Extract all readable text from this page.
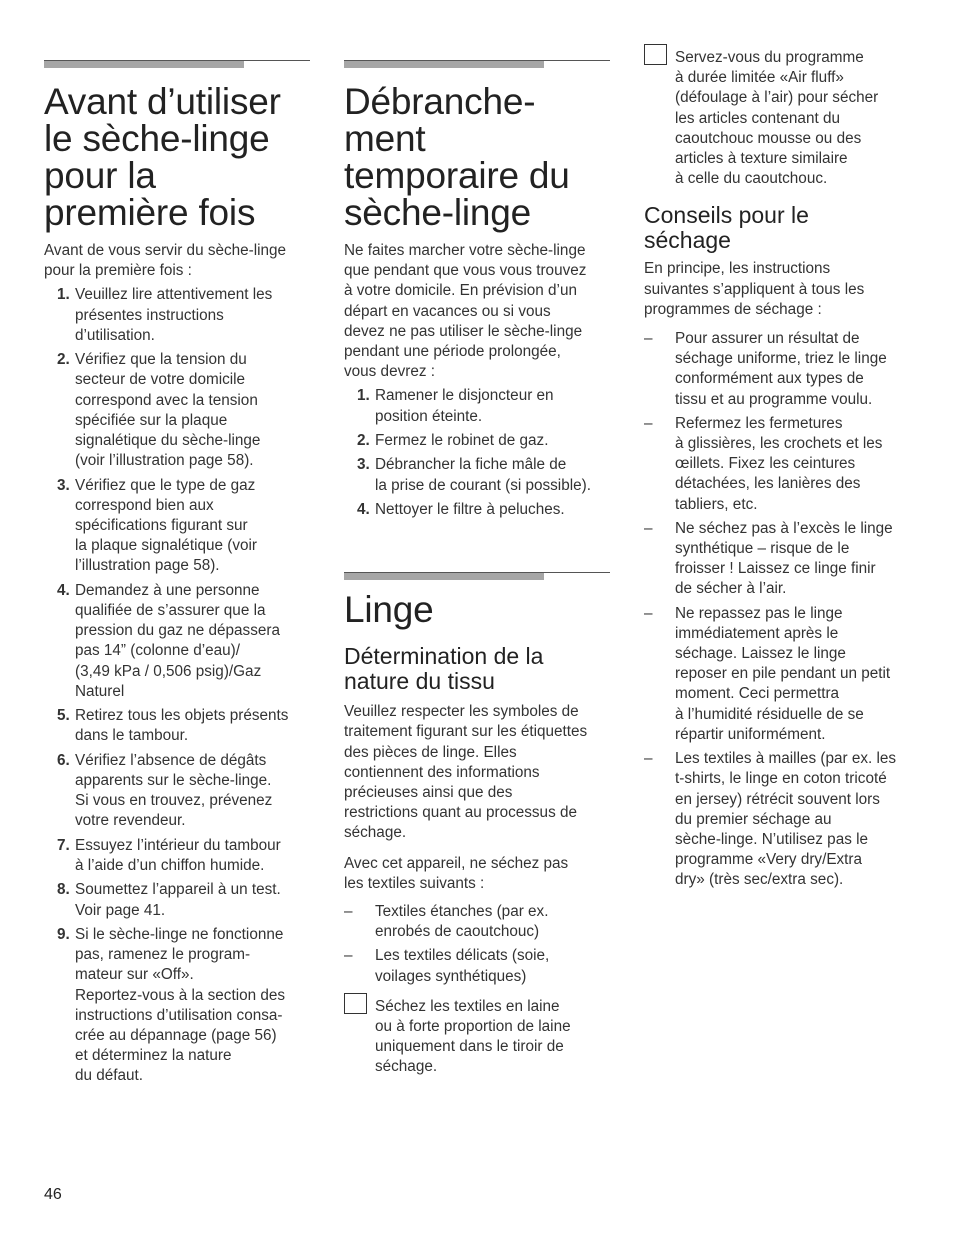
Avant d’utiliser
le sèche-linge
pour la
première fois

Avant de vous servir du sèche-linge
pour la première fois :

1. Veuillez lire attentivement les
présentes instructions
d’utilisation.
2. Vérifiez que la tension du
secteur de votre domicile
correspond avec la tension
spécifiée sur la plaque
signalétique du sèche-linge
(voir l’illustration page 58).
3. Vérifiez que le type de gaz
correspond bien aux
spécifications figurant sur
la plaque signalétique (voir
l’illustration page 58).
4. Demandez à une personne
qualifiée de s’assurer que la
pression du gaz ne dépassera
pas 14” (colonne d’eau)/
(3,49 kPa / 0,506 psig)/Gaz
Naturel
5. Retirez tous les objets présents
dans le tambour.
6. Vérifiez l’absence de dégâts
apparents sur le sèche-linge.
Si vous en trouvez, prévenez
votre revendeur.
7. Essuyez l’intérieur du tambour
à l’aide d’un chiffon humide.
8. Soumettez l’appareil à un test.
Voir page 41.
9. Si le sèche-linge ne fonctionne
pas, ramenez le program-
mateur sur «Off».
Reportez-vous à la section des
instructions d’utilisation consa-
crée au dépannage (page 56)
et déterminez la nature
du défaut.
Débranche-
ment
temporaire du
sèche-linge

Ne faites marcher votre sèche-linge
que pendant que vous vous trouvez
à votre domicile. En prévision d’un
départ en vacances ou si vous
devez ne pas utiliser le sèche-linge
pendant une période prolongée,
vous devrez :

1. Ramener le disjoncteur en
position éteinte.
2. Fermez le robinet de gaz.
3. Débrancher la fiche mâle de
la prise de courant (si possible).
4. Nettoyer le filtre à peluches.
Linge
Détermination de la
nature du tissu

Veuillez respecter les symboles de
traitement figurant sur les étiquettes
des pièces de linge. Elles
contiennent des informations
précieuses ainsi que des
restrictions quant au processus de
séchage.

Avec cet appareil, ne séchez pas
les textiles suivants :

– Textiles étanches (par ex.
enrobés de caoutchouc)
– Les textiles délicats (soie,
voilages synthétiques)
Séchez les textiles en laine
ou à forte proportion de laine
uniquement dans le tiroir de
séchage.
Servez-vous du programme
à durée limitée «Air fluff»
(défoulage à l’air) pour sécher
les articles contenant du
caoutchouc mousse ou des
articles à texture similaire
à celle du caoutchouc.
Conseils pour le
séchage

En principe, les instructions
suivantes s’appliquent à tous les
programmes de séchage :

– Pour assurer un résultat de
séchage uniforme, triez le linge
conformément aux types de
tissu et au programme voulu.
– Refermez les fermetures
à glissières, les crochets et les
œillets. Fixez les ceintures
détachées, les lanières des
tabliers, etc.
– Ne séchez pas à l’excès le linge
synthétique – risque de le
froisser ! Laissez ce linge finir
de sécher à l’air.
– Ne repassez pas le linge
immédiatement après le
séchage. Laissez le linge
reposer en pile pendant un petit
moment. Ceci permettra
à l’humidité résiduelle de se
répartir uniformément.
– Les textiles à mailles (par ex. les
t-shirts, le linge en coton tricoté
en jersey) rétrécit souvent lors
du premier séchage au
sèche-linge. N’utilisez pas le
programme «Very dry/Extra
dry» (très sec/extra sec).
46
